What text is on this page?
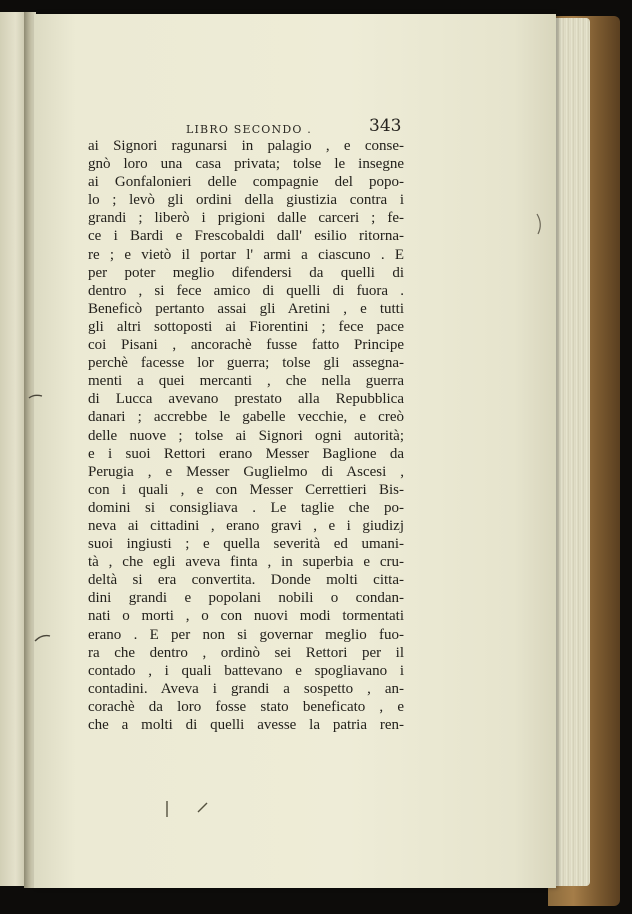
LIBRO SECONDO .	343
ai Signori ragunarsi in palagio , e conse-
gnò loro una casa privata; tolse le insegne
ai Gonfalonieri delle compagnie del popo-
lo ; levò gli ordini della giustizia contra i
grandi ; liberò i prigioni dalle carceri ; fe-
ce i Bardi e Frescobaldi dall' esilio ritorna-
re ; e vietò il portar l' armi a ciascuno . E
per poter meglio difendersi da quelli di
dentro , si fece amico di quelli di fuora .
Beneficò pertanto assai gli Aretini , e tutti
gli altri sottoposti ai Fiorentini ; fece pace
coi Pisani , ancorachè fusse fatto Principe
perchè facesse lor guerra; tolse gli assegna-
menti a quei mercanti , che nella guerra
di Lucca avevano prestato alla Repubblica
danari ; accrebbe le gabelle vecchie, e creò
delle nuove ; tolse ai Signori ogni autorità;
e i suoi Rettori erano Messer Baglione da
Perugia , e Messer Guglielmo di Ascesi ,
con i quali , e con Messer Cerrettieri Bis-
domini si consigliava . Le taglie che po-
neva ai cittadini , erano gravi , e i giudizj
suoi ingiusti ; e quella severità ed umani-
tà , che egli aveva finta , in superbia e cru-
deltà si era convertita. Donde molti citta-
dini grandi e popolani nobili o condan-
nati o morti , o con nuovi modi tormentati
erano . E per non si governar meglio fuo-
ra che dentro , ordinò sei Rettori per il
contado , i quali battevano e spogliavano i
contadini. Aveva i grandi a sospetto , an-
corachè da loro fosse stato beneficato , e
che a molti di quelli avesse la patria ren-
